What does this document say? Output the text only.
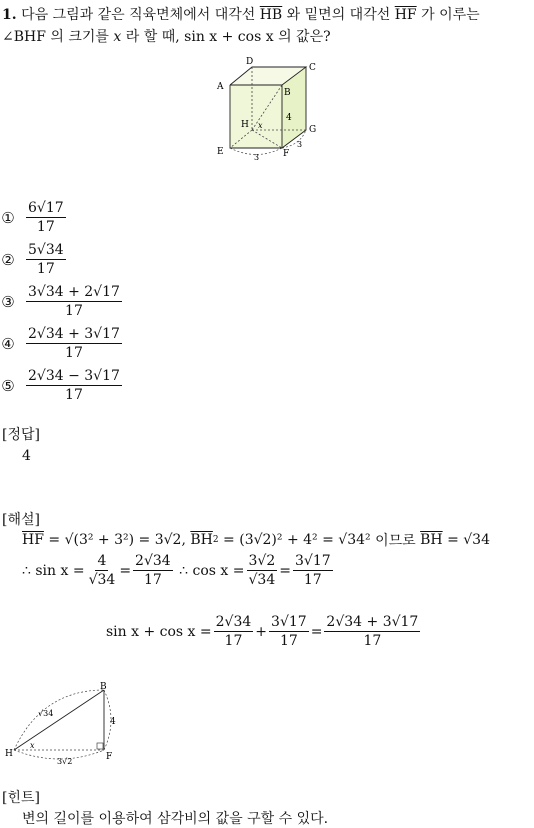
1. 다음 그림과 같은 직육면체에서 대각선 $\overline{HB}$ 와 밑면의 대각선 $\overline{HF}$ 가 이루는
∠BHF 의 크기를 x 라 할 때, sin x + cos x 의 값은?
A
D
C
B
H	G
E	F
4
3
3
x
① $\frac{6√17}{17}$
② $\frac{5√34}{17}$
③ $\frac{3√34 + 2√17}{17}$
④ $\frac{2√34 + 3√17}{17}$
⑤ $\frac{2√34 - 3√17}{17}$
[정답]
4
[해설]
$\overline{HF}$
= √(3² + 3²) = 3√2,
$\overline{BH}$ 2
= (3√2)² + 4² = √34²
이므로
$\overline{BH}$
= √34
∴ $\sin x = \frac{4}{√34} = \frac{2√34}{17}$
∴ $\cos x = \frac{3√2}{√34} = \frac{3√17}{17}$
$\sin x + \cos x = \frac{2√34}{17} + \frac{3√17}{17} = \frac{2√34 + 3√17}{17}$
B
H	F
√34
4
3√2
x
[힌트]
변의 길이를 이용하여 삼각비의 값을 구할 수 있다.
